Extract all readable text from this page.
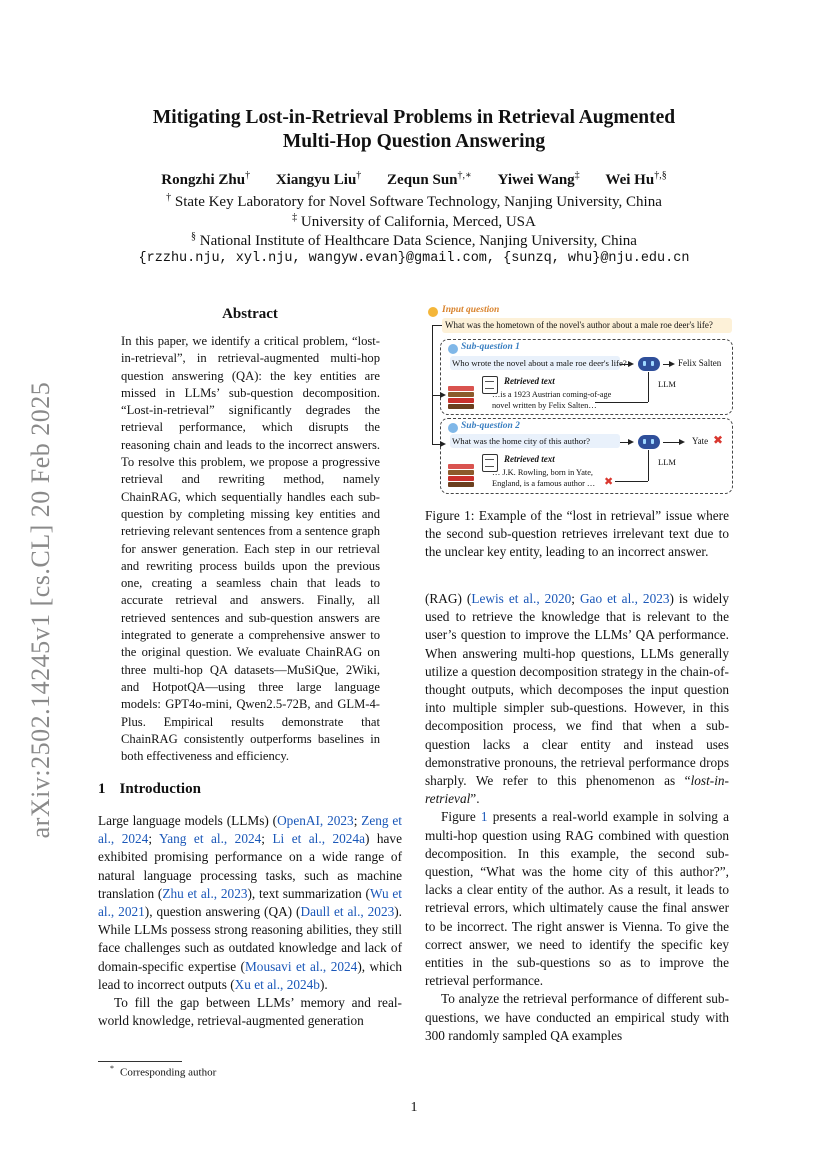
arXiv:2502.14245v1 [cs.CL] 20 Feb 2025
Mitigating Lost-in-Retrieval Problems in Retrieval Augmented
Multi-Hop Question Answering
Rongzhi Zhu† Xiangyu Liu† Zequn Sun†,∗ Yiwei Wang‡ Wei Hu†,§
† State Key Laboratory for Novel Software Technology, Nanjing University, China
‡ University of California, Merced, USA
§ National Institute of Healthcare Data Science, Nanjing University, China
{rzzhu.nju, xyl.nju, wangyw.evan}@gmail.com, {sunzq, whu}@nju.edu.cn
Abstract
In this paper, we identify a critical problem, “lost-in-retrieval”, in retrieval-augmented multi-hop question answering (QA): the key entities are missed in LLMs’ sub-question decomposition. “Lost-in-retrieval” significantly degrades the retrieval performance, which disrupts the reasoning chain and leads to the incorrect answers. To resolve this problem, we propose a progressive retrieval and rewriting method, namely ChainRAG, which sequentially handles each sub-question by completing missing key entities and retrieving relevant sentences from a sentence graph for answer generation. Each step in our retrieval and rewriting process builds upon the previous one, creating a seamless chain that leads to accurate retrieval and answers. Finally, all retrieved sentences and sub-question answers are integrated to generate a comprehensive answer to the original question. We evaluate ChainRAG on three multi-hop QA datasets—MuSiQue, 2Wiki, and HotpotQA—using three large language models: GPT4o-mini, Qwen2.5-72B, and GLM-4-Plus. Empirical results demonstrate that ChainRAG consistently outperforms baselines in both effectiveness and efficiency.
1 Introduction

Large language models (LLMs) (OpenAI, 2023; Zeng et al., 2024; Yang et al., 2024; Li et al., 2024a) have exhibited promising performance on a wide range of natural language processing tasks, such as machine translation (Zhu et al., 2023), text summarization (Wu et al., 2021), question answering (QA) (Daull et al., 2023). While LLMs possess strong reasoning abilities, they still face challenges such as outdated knowledge and lack of domain-specific expertise (Mousavi et al., 2024), which lead to incorrect outputs (Xu et al., 2024b).

To fill the gap between LLMs’ memory and real-world knowledge, retrieval-augmented generation

* Corresponding author
Input question
What was the hometown of the novel's author about a male roe deer's life?
Sub-question 1
Who wrote the novel about a male roe deer's life?	Felix Salten
LLM
Retrieved text
…is a 1923 Austrian coming-of-age
novel written by Felix Salten…
Sub-question 2
What was the home city of this author?	Yate ✖
LLM
Retrieved text
… J.K. Rowling, born in Yate,
England, is a famous author … ✖
Figure 1: Example of the “lost in retrieval” issue where the second sub-question retrieves irrelevant text due to the unclear key entity, leading to an incorrect answer.

(RAG) (Lewis et al., 2020; Gao et al., 2023) is widely used to retrieve the knowledge that is relevant to the user’s question to improve the LLMs’ QA performance. When answering multi-hop questions, LLMs generally utilize a question decomposition strategy in the chain-of-thought outputs, which decomposes the input question into multiple simpler sub-questions. However, in this decomposition process, we find that when a sub-question lacks a clear entity and instead uses demonstrative pronouns, the retrieval performance drops sharply. We refer to this phenomenon as “lost-in-retrieval”.

Figure 1 presents a real-world example in solving a multi-hop question using RAG combined with question decomposition. In this example, the second sub-question, “What was the home city of this author?”, lacks a clear entity of the author. As a result, it leads to retrieval errors, which ultimately cause the final answer to be incorrect. The right answer is Vienna. To give the correct answer, we need to identify the specific key entities in the sub-questions so as to improve the retrieval performance.

To analyze the retrieval performance of different sub-questions, we have conducted an empirical study with 300 randomly sampled QA examples

1
